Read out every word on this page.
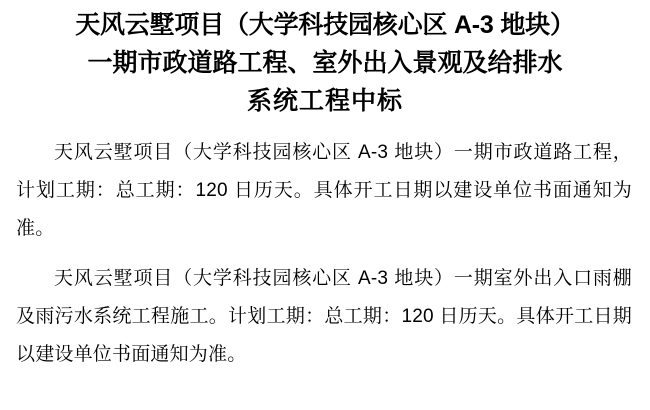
天风云墅项目（大学科技园核心区 A-3 地块）
一期市政道路工程、室外出入景观及给排水
系统工程中标

天风云墅项目（大学科技园核心区 A-3 地块）一期市政道路工程，计划工期：总工期：120 日历天。具体开工日期以建设单位书面通知为准。

天风云墅项目（大学科技园核心区 A-3 地块）一期室外出入口雨棚及雨污水系统工程施工。计划工期：总工期：120 日历天。具体开工日期以建设单位书面通知为准。
